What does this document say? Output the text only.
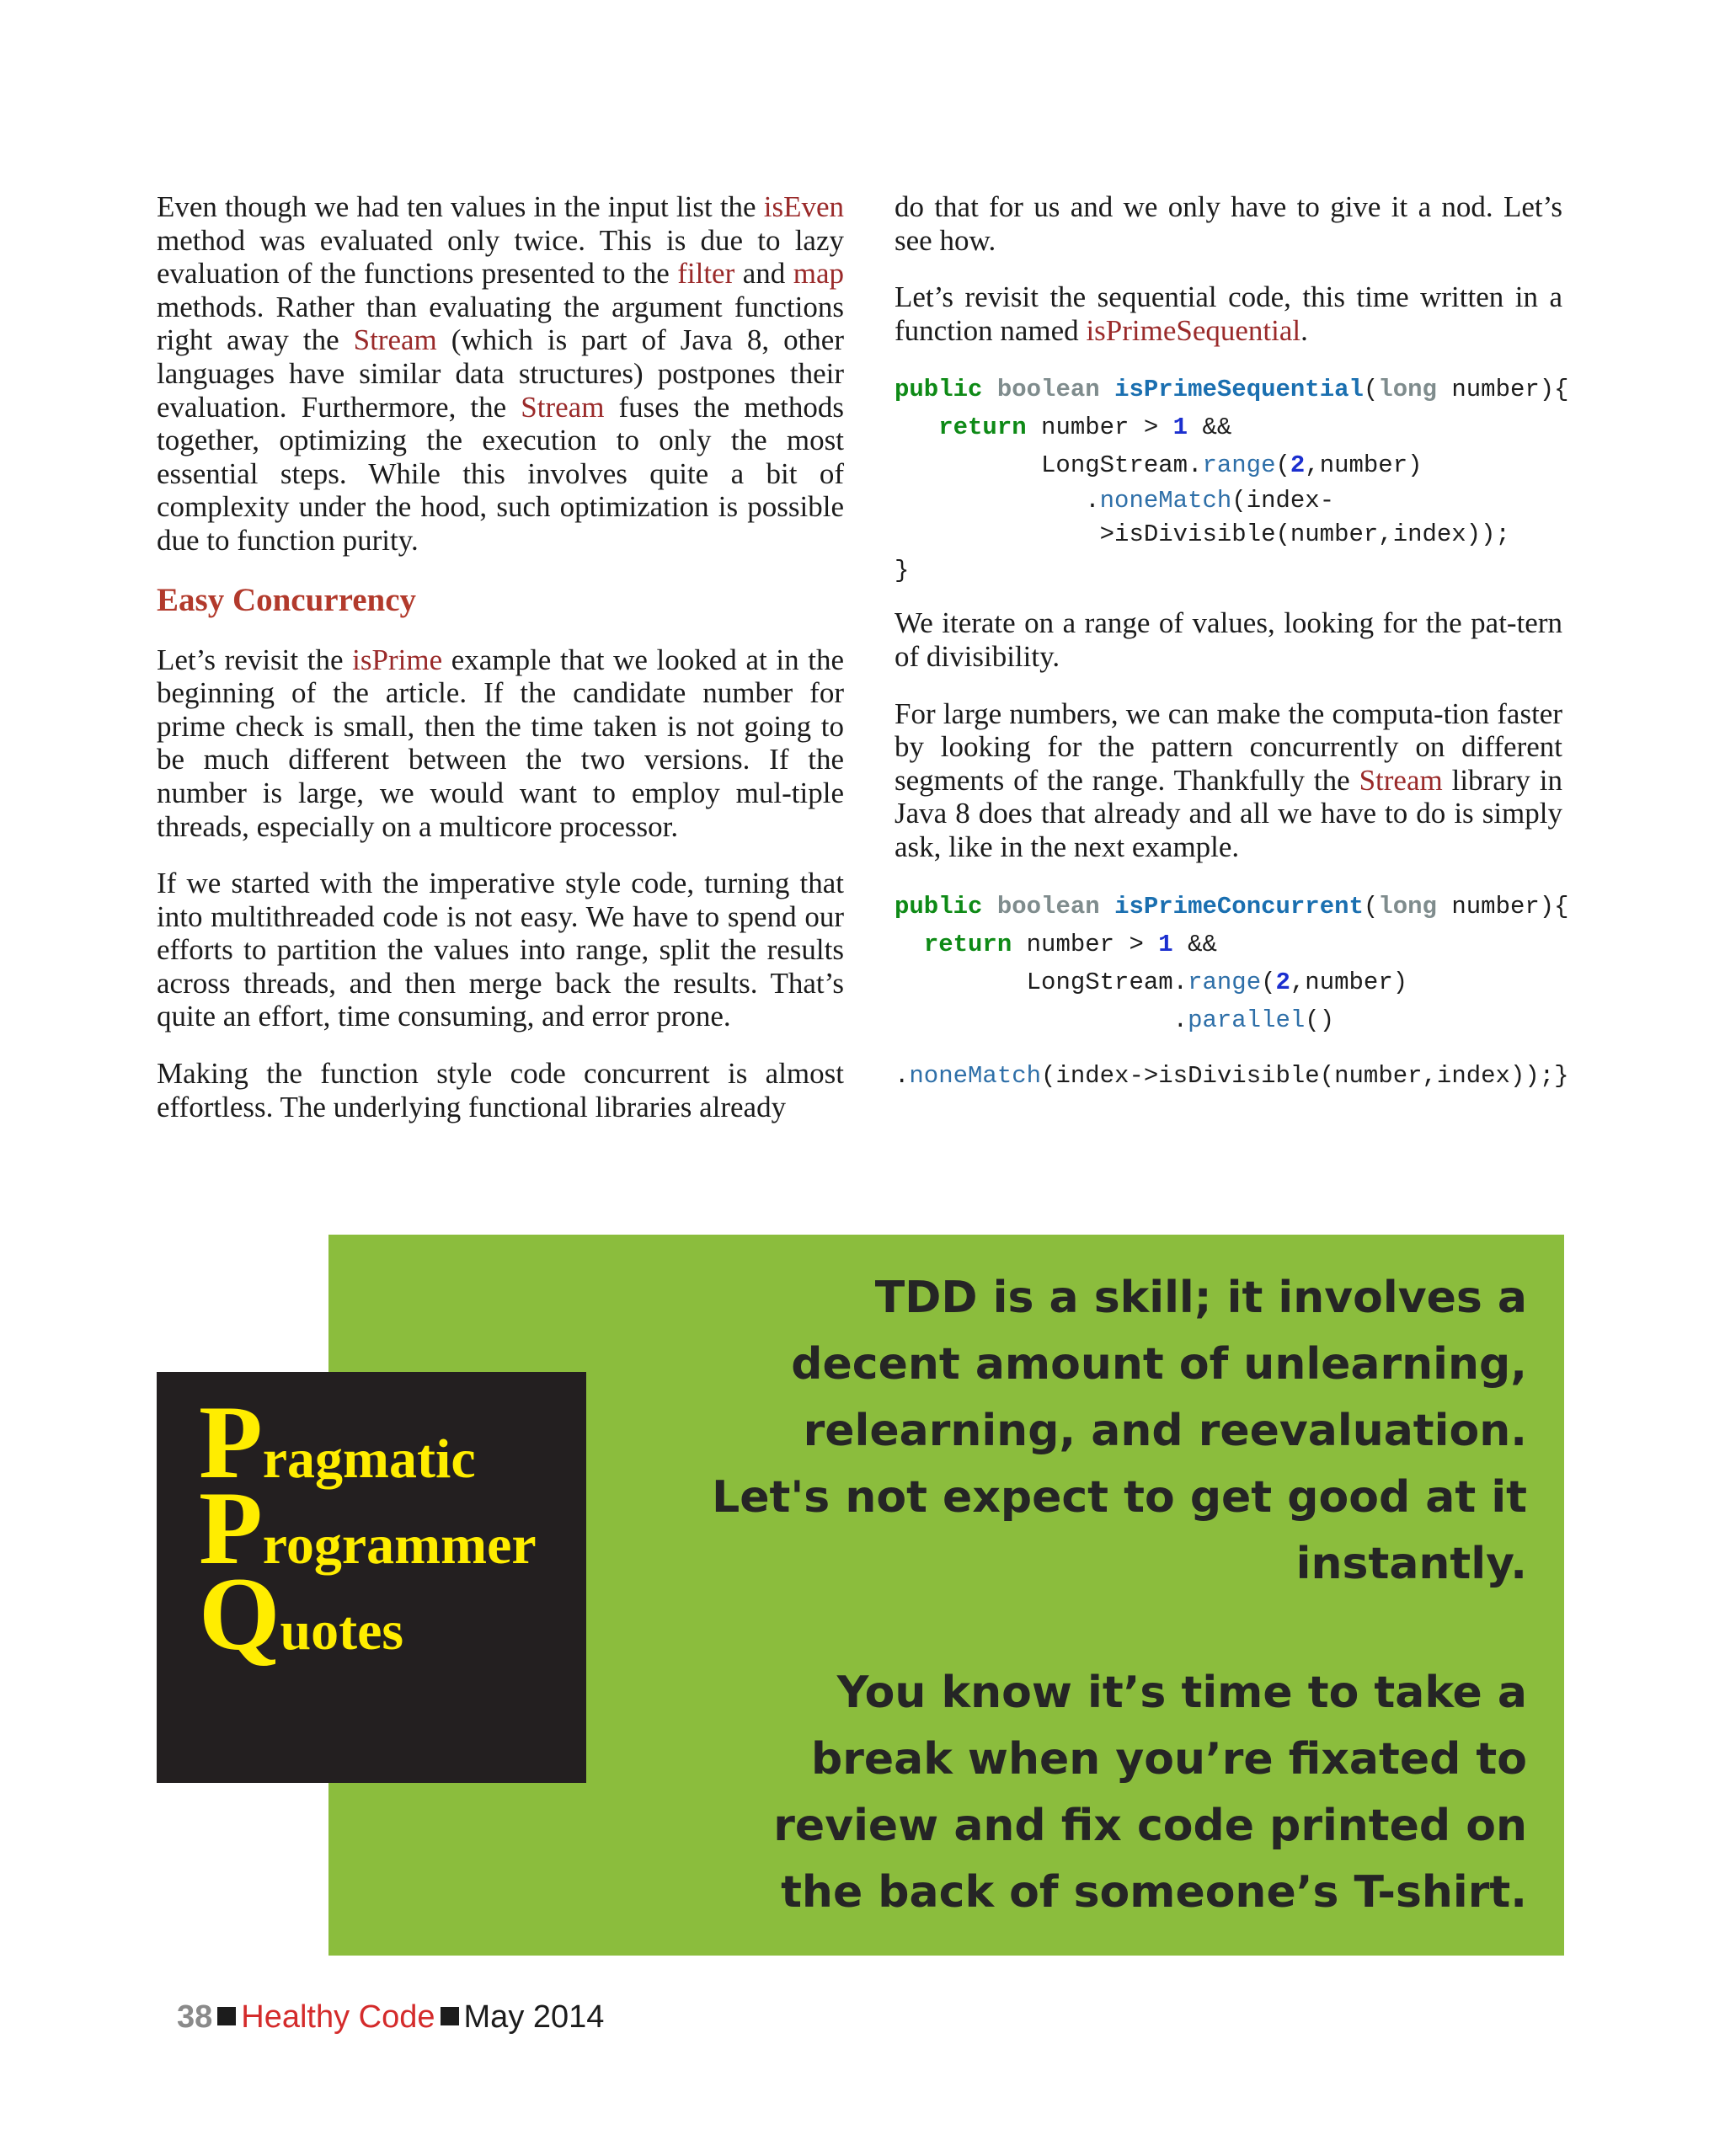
Even though we had ten values in the input list the isEven method was evaluated only twice. This is due to lazy evaluation of the functions presented to the filter and map methods. Rather than evaluating the argument functions right away the Stream (which is part of Java 8, other languages have similar data structures) postpones their evaluation. Furthermore, the Stream fuses the methods together, optimizing the execution to only the most essential steps. While this involves quite a bit of complexity under the hood, such optimization is possible due to function purity.

Easy Concurrency

Let’s revisit the isPrime example that we looked at in the beginning of the article. If the candidate number for prime check is small, then the time taken is not going to be much different between the two versions. If the number is large, we would want to employ mul-tiple threads, especially on a multicore processor.

If we started with the imperative style code, turning that into multithreaded code is not easy. We have to spend our efforts to partition the values into range, split the results across threads, and then merge back the results. That’s quite an effort, time consuming, and error prone.

Making the function style code concurrent is almost effortless. The underlying functional libraries already

do that for us and we only have to give it a nod. Let’s see how.

Let’s revisit the sequential code, this time written in a function named isPrimeSequential.

public boolean isPrimeSequential(long number){
return number > 1 &&
LongStream.range(2,number)
.noneMatch(index-
>isDivisible(number,index));
}

We iterate on a range of values, looking for the pat-tern of divisibility.

For large numbers, we can make the computa-tion faster by looking for the pattern concurrently on different segments of the range. Thankfully the Stream library in Java 8 does that already and all we have to do is simply ask, like in the next example.

public boolean isPrimeConcurrent(long number){
return number > 1 &&
LongStream.range(2,number)
.parallel()
.noneMatch(index->isDivisible(number,index));}

TDD is a skill; it involves a

decent amount of unlearning,

relearning, and reevaluation.

Let's not expect to get good at it

instantly.

You know it’s time to take a

break when you’re fixated to

review and fix code printed on

the back of someone’s T-shirt.

Pragmatic
Programmer
Quotes
38 Healthy Code May 2014
